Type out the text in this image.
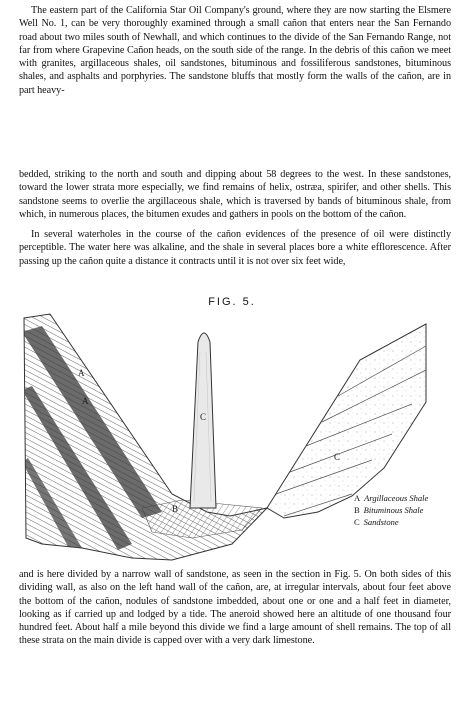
The eastern part of the California Star Oil Company's ground, where they are now starting the Elsmere Well No. 1, can be very thoroughly examined through a small cañon that enters near the San Fernando road about two miles south of Newhall, and which continues to the divide of the San Fernando Range, not far from where Grapevine Cañon heads, on the south side of the range. In the debris of this cañon we meet with granites, argillaceous shales, oil sandstones, bituminous and fossiliferous sandstones, bituminous shales, and asphalts and porphyries. The sandstone bluffs that mostly form the walls of the cañon, are in part heavy-

bedded, striking to the north and south and dipping about 58 degrees to the west. In these sandstones, toward the lower strata more especially, we find remains of helix, ostræa, spirifer, and other shells. This sandstone seems to overlie the argillaceous shale, which is traversed by bands of bituminous shale, from which, in numerous places, the bitumen exudes and gathers in pools on the bottom of the cañon.

In several waterholes in the course of the cañon evidences of the presence of oil were distinctly perceptible. The water here was alkaline, and the shale in several places bore a white efflorescence. After passing up the cañon quite a distance it contracts until it is not over six feet wide,

FIG. 5.
A
A
B
C
C
A Argillaceous Shale
B Bituminous Shale
C Sandstone

and is here divided by a narrow wall of sandstone, as seen in the section in Fig. 5. On both sides of this dividing wall, as also on the left hand wall of the cañon, are, at irregular intervals, about four feet above the bottom of the cañon, nodules of sandstone imbedded, about one or one and a half feet in diameter, looking as if carried up and lodged by a tide. The aneroid showed here an altitude of one thousand four hundred feet. About half a mile beyond this divide we find a large amount of shell remains. The top of all these strata on the main divide is capped over with a very dark limestone.
